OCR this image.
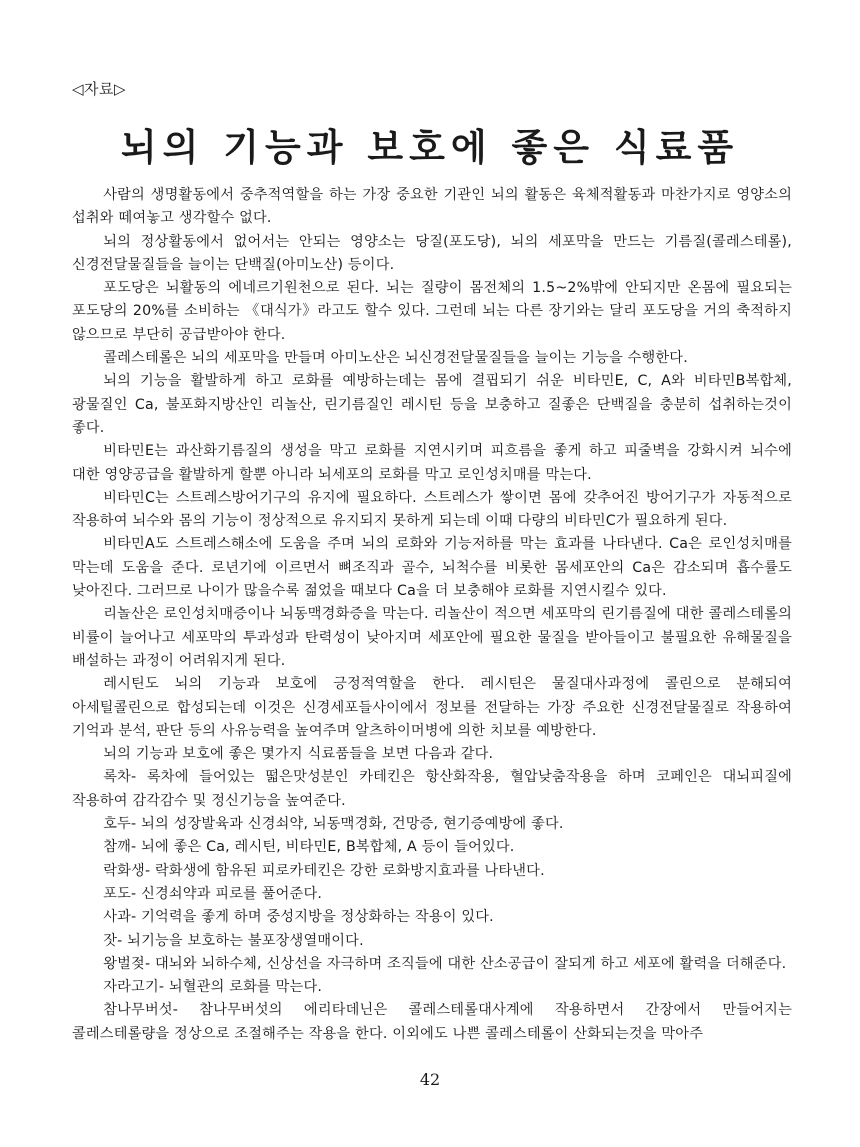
◁자료▷
뇌의 기능과 보호에 좋은 식료품

사람의 생명활동에서 중추적역할을 하는 가장 중요한 기관인 뇌의 활동은 육체적활동과 마찬가지로 영양소의 섭취와 떼여놓고 생각할수 없다.

뇌의 정상활동에서 없어서는 안되는 영양소는 당질(포도당), 뇌의 세포막을 만드는 기름질(콜레스테롤), 신경전달물질들을 늘이는 단백질(아미노산) 등이다.

포도당은 뇌활동의 에네르기원천으로 된다. 뇌는 질량이 몸전체의 1.5~2%밖에 안되지만 온몸에 필요되는 포도당의 20%를 소비하는 《대식가》라고도 할수 있다. 그런데 뇌는 다른 장기와는 달리 포도당을 거의 축적하지 않으므로 부단히 공급받아야 한다.

콜레스테롤은 뇌의 세포막을 만들며 아미노산은 뇌신경전달물질들을 늘이는 기능을 수행한다.

뇌의 기능을 활발하게 하고 로화를 예방하는데는 몸에 결핍되기 쉬운 비타민E, C, A와 비타민B복합체, 광물질인 Ca, 불포화지방산인 리놀산, 린기름질인 레시틴 등을 보충하고 질좋은 단백질을 충분히 섭취하는것이 좋다.

비타민E는 과산화기름질의 생성을 막고 로화를 지연시키며 피흐름을 좋게 하고 피줄벽을 강화시켜 뇌수에 대한 영양공급을 활발하게 할뿐 아니라 뇌세포의 로화를 막고 로인성치매를 막는다.

비타민C는 스트레스방어기구의 유지에 필요하다. 스트레스가 쌓이면 몸에 갖추어진 방어기구가 자동적으로 작용하여 뇌수와 몸의 기능이 정상적으로 유지되지 못하게 되는데 이때 다량의 비타민C가 필요하게 된다.

비타민A도 스트레스해소에 도움을 주며 뇌의 로화와 기능저하를 막는 효과를 나타낸다. Ca은 로인성치매를 막는데 도움을 준다. 로년기에 이르면서 뼈조직과 골수, 뇌척수를 비롯한 몸세포안의 Ca은 감소되며 흡수률도 낮아진다. 그러므로 나이가 많을수록 젊었을 때보다 Ca을 더 보충해야 로화를 지연시킬수 있다.

리놀산은 로인성치매증이나 뇌동맥경화증을 막는다. 리놀산이 적으면 세포막의 린기름질에 대한 콜레스테롤의 비률이 늘어나고 세포막의 투과성과 탄력성이 낮아지며 세포안에 필요한 물질을 받아들이고 불필요한 유해물질을 배설하는 과정이 어려워지게 된다.

레시틴도 뇌의 기능과 보호에 긍정적역할을 한다. 레시틴은 물질대사과정에 콜린으로 분해되여 아세틸콜린으로 합성되는데 이것은 신경세포들사이에서 정보를 전달하는 가장 주요한 신경전달물질로 작용하여 기억과 분석, 판단 등의 사유능력을 높여주며 알츠하이머병에 의한 치보를 예방한다.

뇌의 기능과 보호에 좋은 몇가지 식료품들을 보면 다음과 같다.

록차- 록차에 들어있는 떫은맛성분인 카테킨은 항산화작용, 혈압낮춤작용을 하며 코페인은 대뇌피질에 작용하여 감각감수 및 정신기능을 높여준다.

호두- 뇌의 성장발육과 신경쇠약, 뇌동맥경화, 건망증, 현기증예방에 좋다.

참깨- 뇌에 좋은 Ca, 레시틴, 비타민E, B복합체, A 등이 들어있다.

락화생- 락화생에 함유된 피로카테킨은 강한 로화방지효과를 나타낸다.

포도- 신경쇠약과 피로를 풀어준다.

사과- 기억력을 좋게 하며 중성지방을 정상화하는 작용이 있다.

잣- 뇌기능을 보호하는 불포장생열매이다.

왕벌젖- 대뇌와 뇌하수체, 신상선을 자극하며 조직들에 대한 산소공급이 잘되게 하고 세포에 활력을 더해준다.

자라고기- 뇌혈관의 로화를 막는다.

참나무버섯- 참나무버섯의 에리타데닌은 콜레스테롤대사계에 작용하면서 간장에서 만들어지는 콜레스테롤량을 정상으로 조절해주는 작용을 한다. 이외에도 나쁜 콜레스테롤이 산화되는것을 막아주

42
